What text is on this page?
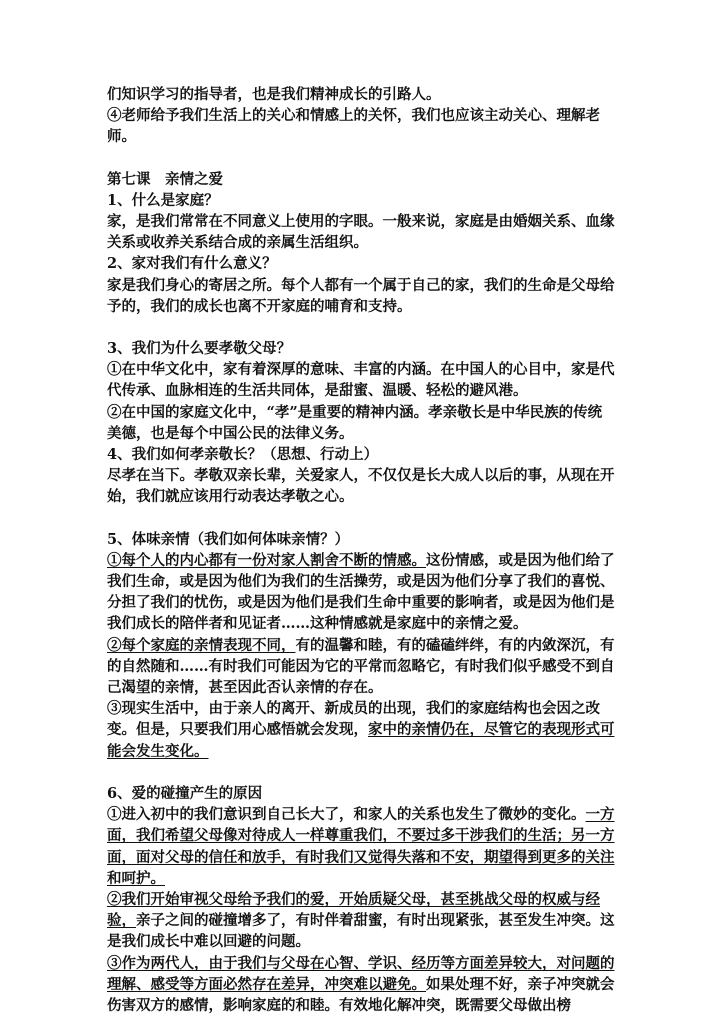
们知识学习的指导者，也是我们精神成长的引路人。

④老师给予我们生活上的关心和情感上的关怀，我们也应该主动关心、理解老师。

第七课　亲情之爱

1、什么是家庭？

家，是我们常常在不同意义上使用的字眼。一般来说，家庭是由婚姻关系、血缘关系或收养关系结合成的亲属生活组织。

2、家对我们有什么意义？

家是我们身心的寄居之所。每个人都有一个属于自己的家，我们的生命是父母给予的，我们的成长也离不开家庭的哺育和支持。

3、我们为什么要孝敬父母？

①在中华文化中，家有着深厚的意味、丰富的内涵。在中国人的心目中，家是代代传承、血脉相连的生活共同体，是甜蜜、温暖、轻松的避风港。

②在中国的家庭文化中，“孝”是重要的精神内涵。孝亲敬长是中华民族的传统美德，也是每个中国公民的法律义务。

4、我们如何孝亲敬长？（思想、行动上）

尽孝在当下。孝敬双亲长辈，关爱家人，不仅仅是长大成人以后的事，从现在开始，我们就应该用行动表达孝敬之心。

5、体味亲情（我们如何体味亲情？）

①每个人的内心都有一份对家人割舍不断的情感。这份情感，或是因为他们给了我们生命，或是因为他们为我们的生活操劳，或是因为他们分享了我们的喜悦、分担了我们的忧伤，或是因为他们是我们生命中重要的影响者，或是因为他们是我们成长的陪伴者和见证者……这种情感就是家庭中的亲情之爱。

②每个家庭的亲情表现不同，有的温馨和睦，有的磕磕绊绊，有的内敛深沉，有的自然随和……有时我们可能因为它的平常而忽略它，有时我们似乎感受不到自己渴望的亲情，甚至因此否认亲情的存在。

③现实生活中，由于亲人的离开、新成员的出现，我们的家庭结构也会因之改变。但是，只要我们用心感悟就会发现，家中的亲情仍在，尽管它的表现形式可能会发生变化。

6、爱的碰撞产生的原因

①进入初中的我们意识到自己长大了，和家人的关系也发生了微妙的变化。一方面，我们希望父母像对待成人一样尊重我们，不要过多干涉我们的生活；另一方面，面对父母的信任和放手，有时我们又觉得失落和不安，期望得到更多的关注和呵护。

②我们开始审视父母给予我们的爱，开始质疑父母，甚至挑战父母的权威与经验，亲子之间的碰撞增多了，有时伴着甜蜜，有时出现紧张，甚至发生冲突。这是我们成长中难以回避的问题。

③作为两代人，由于我们与父母在心智、学识、经历等方面差异较大，对问题的理解、感受等方面必然存在差异，冲突难以避免。如果处理不好，亲子冲突就会伤害双方的感情，影响家庭的和睦。有效地化解冲突，既需要父母做出榜
